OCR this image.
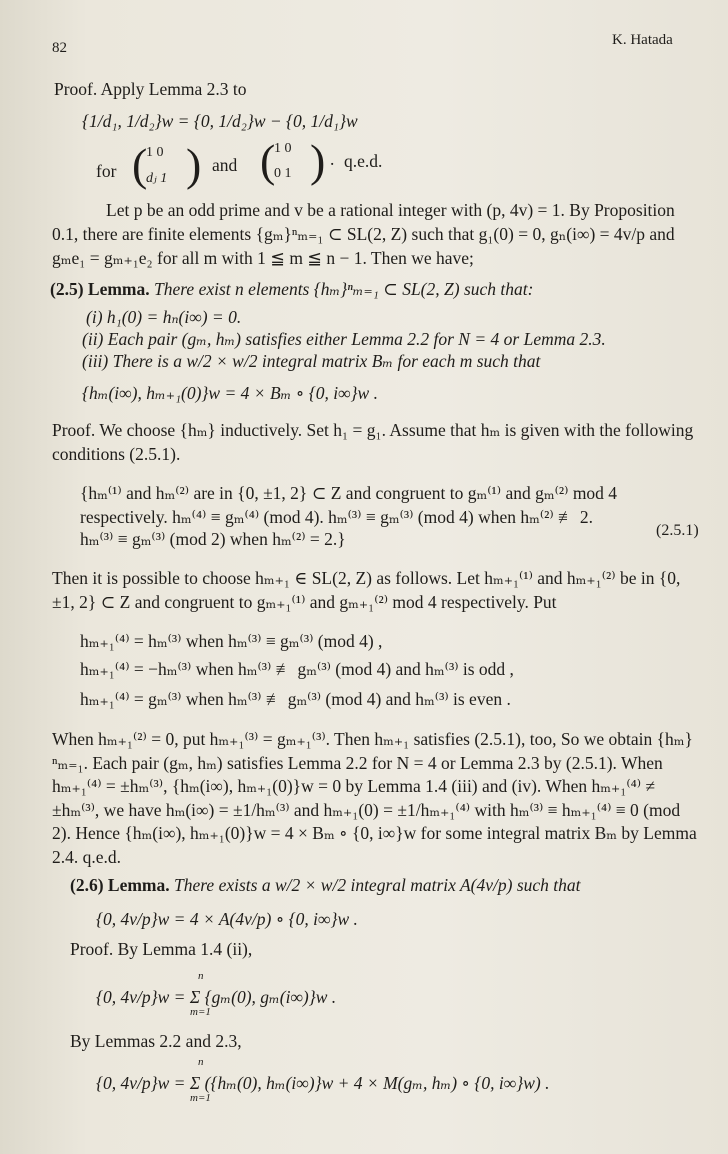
82	K. Hatada
Proof. Apply Lemma 2.3 to
{1/d₁, 1/d₂}w = {0, 1/d₂}w − {0, 1/d₁}w
for (
1 0
dⱼ 1 ) and (
1 0
0 1 ) . q.e.d.
Let p be an odd prime and v be a rational integer with (p, 4v) = 1. By Proposition 0.1, there are finite elements {gₘ}ⁿₘ₌₁ ⊂ SL(2, Z) such that g₁(0) = 0, gₙ(i∞) = 4v/p and gₘe₁ = gₘ₊₁e₂ for all m with 1 ≦ m ≦ n − 1. Then we have;
(2.5) Lemma. There exist n elements {hₘ}ⁿₘ₌₁ ⊂ SL(2, Z) such that:
(i) h₁(0) = hₙ(i∞) = 0.
(ii) Each pair (gₘ, hₘ) satisfies either Lemma 2.2 for N = 4 or Lemma 2.3.
(iii) There is a w/2 × w/2 integral matrix Bₘ for each m such that
{hₘ(i∞), hₘ₊₁(0)}w = 4 × Bₘ ∘ {0, i∞}w .
Proof. We choose {hₘ} inductively. Set h₁ = g₁. Assume that hₘ is given with the following conditions (2.5.1).
{hₘ⁽¹⁾ and hₘ⁽²⁾ are in {0, ±1, 2} ⊂ Z and congruent to gₘ⁽¹⁾ and gₘ⁽²⁾ mod 4
respectively. hₘ⁽⁴⁾ ≡ gₘ⁽⁴⁾ (mod 4). hₘ⁽³⁾ ≡ gₘ⁽³⁾ (mod 4) when hₘ⁽²⁾ ≢ 2.
hₘ⁽³⁾ ≡ gₘ⁽³⁾ (mod 2) when hₘ⁽²⁾ = 2.}	(2.5.1)
Then it is possible to choose hₘ₊₁ ∈ SL(2, Z) as follows. Let hₘ₊₁⁽¹⁾ and hₘ₊₁⁽²⁾ be in {0, ±1, 2} ⊂ Z and congruent to gₘ₊₁⁽¹⁾ and gₘ₊₁⁽²⁾ mod 4 respectively. Put
hₘ₊₁⁽⁴⁾ = hₘ⁽³⁾ when hₘ⁽³⁾ ≡ gₘ⁽³⁾ (mod 4) ,
hₘ₊₁⁽⁴⁾ = −hₘ⁽³⁾ when hₘ⁽³⁾ ≢ gₘ⁽³⁾ (mod 4) and hₘ⁽³⁾ is odd ,
hₘ₊₁⁽⁴⁾ = gₘ⁽³⁾ when hₘ⁽³⁾ ≢ gₘ⁽³⁾ (mod 4) and hₘ⁽³⁾ is even .
When hₘ₊₁⁽²⁾ = 0, put hₘ₊₁⁽³⁾ = gₘ₊₁⁽³⁾. Then hₘ₊₁ satisfies (2.5.1), too, So we obtain {hₘ}ⁿₘ₌₁. Each pair (gₘ, hₘ) satisfies Lemma 2.2 for N = 4 or Lemma 2.3 by (2.5.1). When hₘ₊₁⁽⁴⁾ = ±hₘ⁽³⁾, {hₘ(i∞), hₘ₊₁(0)}w = 0 by Lemma 1.4 (iii) and (iv). When hₘ₊₁⁽⁴⁾ ≠ ±hₘ⁽³⁾, we have hₘ(i∞) = ±1/hₘ⁽³⁾ and hₘ₊₁(0) = ±1/hₘ₊₁⁽⁴⁾ with hₘ⁽³⁾ ≡ hₘ₊₁⁽⁴⁾ ≡ 0 (mod 2). Hence {hₘ(i∞), hₘ₊₁(0)}w = 4 × Bₘ ∘ {0, i∞}w for some integral matrix Bₘ by Lemma 2.4. q.e.d.
(2.6) Lemma. There exists a w/2 × w/2 integral matrix A(4v/p) such that
{0, 4v/p}w = 4 × A(4v/p) ∘ {0, i∞}w .
Proof. By Lemma 1.4 (ii),
{0, 4v/p}w = Σ {gₘ(0), gₘ(i∞)}w .
n
m=1
By Lemmas 2.2 and 2.3,
{0, 4v/p}w = Σ ({hₘ(0), hₘ(i∞)}w + 4 × M(gₘ, hₘ) ∘ {0, i∞}w) .
n
m=1
